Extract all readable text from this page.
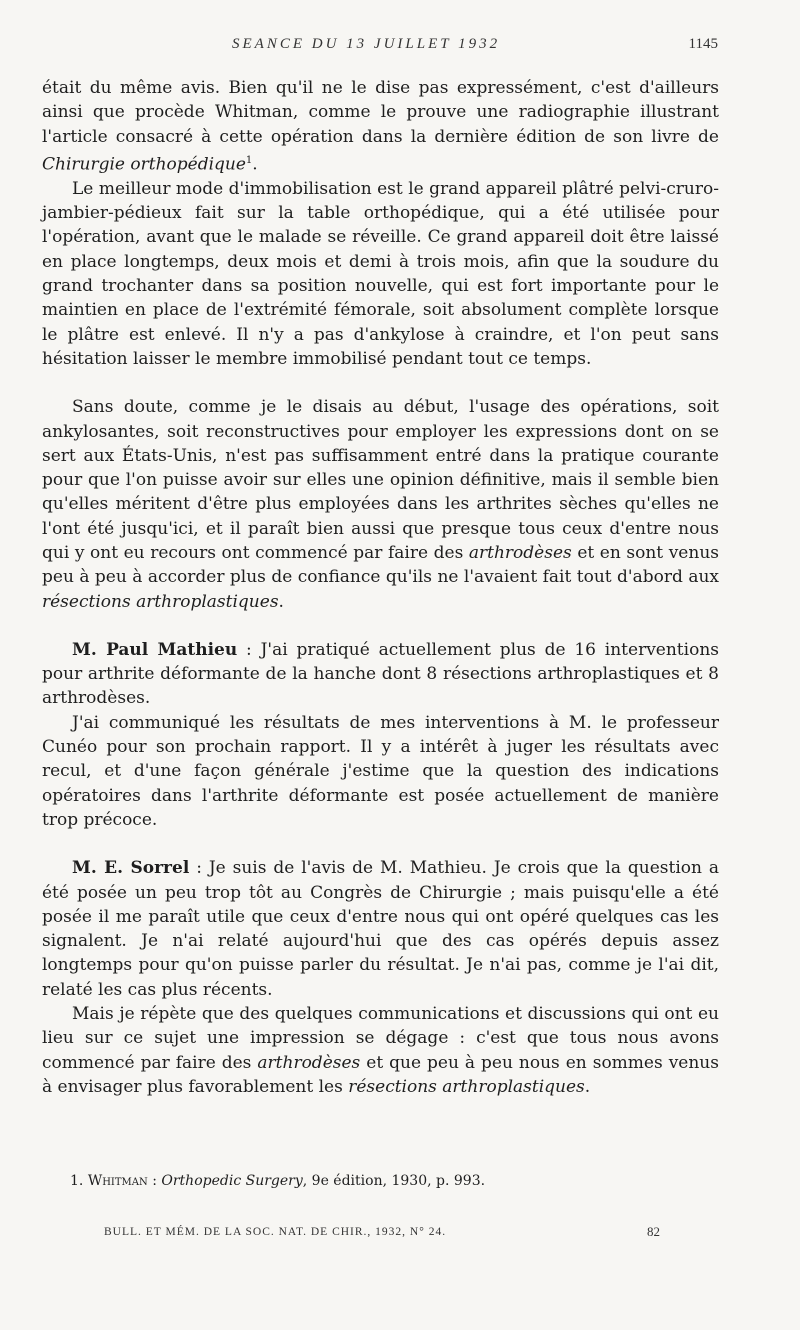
SEANCE DU 13 JUILLET 1932	1145

était du même avis. Bien qu'il ne le dise pas expressément, c'est d'ailleurs ainsi que procède Whitman, comme le prouve une radiographie illustrant l'article consacré à cette opération dans la dernière édition de son livre de Chirurgie orthopédique$^1$.

Le meilleur mode d'immobilisation est le grand appareil plâtré pelvi-cruro-jambier-pédieux fait sur la table orthopédique, qui a été utilisée pour l'opération, avant que le malade se réveille. Ce grand appareil doit être laissé en place longtemps, deux mois et demi à trois mois, afin que la soudure du grand trochanter dans sa position nouvelle, qui est fort importante pour le maintien en place de l'extrémité fémorale, soit absolument complète lorsque le plâtre est enlevé. Il n'y a pas d'ankylose à craindre, et l'on peut sans hésitation laisser le membre immobilisé pendant tout ce temps.

Sans doute, comme je le disais au début, l'usage des opérations, soit ankylosantes, soit reconstructives pour employer les expressions dont on se sert aux États-Unis, n'est pas suffisamment entré dans la pratique courante pour que l'on puisse avoir sur elles une opinion définitive, mais il semble bien qu'elles méritent d'être plus employées dans les arthrites sèches qu'elles ne l'ont été jusqu'ici, et il paraît bien aussi que presque tous ceux d'entre nous qui y ont eu recours ont commencé par faire des arthrodèses et en sont venus peu à peu à accorder plus de confiance qu'ils ne l'avaient fait tout d'abord aux résections arthroplastiques.

M. Paul Mathieu : J'ai pratiqué actuellement plus de 16 interventions pour arthrite déformante de la hanche dont 8 résections arthroplastiques et 8 arthrodèses.

J'ai communiqué les résultats de mes interventions à M. le professeur Cunéo pour son prochain rapport. Il y a intérêt à juger les résultats avec recul, et d'une façon générale j'estime que la question des indications opératoires dans l'arthrite déformante est posée actuellement de manière trop précoce.

M. E. Sorrel : Je suis de l'avis de M. Mathieu. Je crois que la question a été posée un peu trop tôt au Congrès de Chirurgie ; mais puisqu'elle a été posée il me paraît utile que ceux d'entre nous qui ont opéré quelques cas les signalent. Je n'ai relaté aujourd'hui que des cas opérés depuis assez longtemps pour qu'on puisse parler du résultat. Je n'ai pas, comme je l'ai dit, relaté les cas plus récents.

Mais je répète que des quelques communications et discussions qui ont eu lieu sur ce sujet une impression se dégage : c'est que tous nous avons commencé par faire des arthrodèses et que peu à peu nous en sommes venus à envisager plus favorablement les résections arthroplastiques.

1. Whitman : Orthopedic Surgery, 9e édition, 1930, p. 993.
BULL. ET MÉM. DE LA SOC. NAT. DE CHIR., 1932, N° 24.	82
